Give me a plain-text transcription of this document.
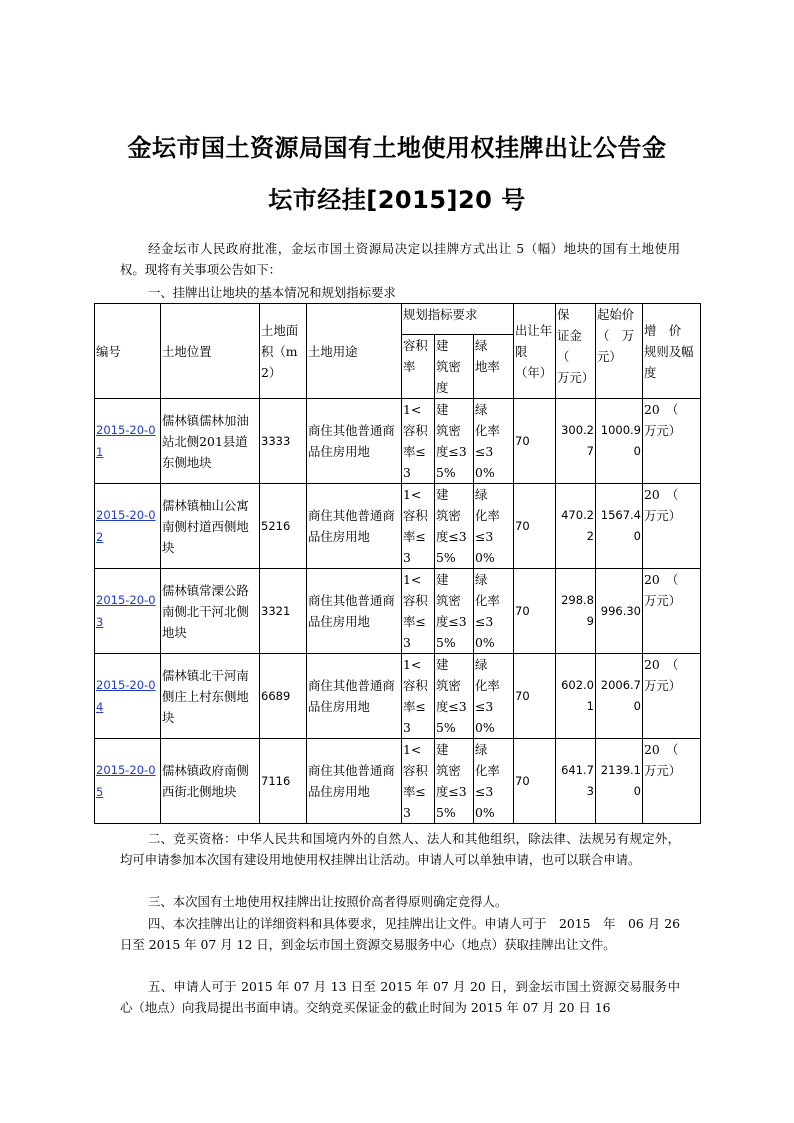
金坛市国土资源局国有土地使用权挂牌出让公告金
坛市经挂[2015]20 号

经金坛市人民政府批准，金坛市国土资源局决定以挂牌方式出让 5（幅）地块的国有土地使用权。现将有关事项公告如下：

一、挂牌出让地块的基本情况和规划指标要求

编号	土地位置	土地面积（m2）	土地用途	规划指标要求			出让年限（年）	保　证金　（　万元）	起始价（　万元）	增　价　规则及幅度
				容积率	建　筑密度	绿　地率				
2015-20-01	儒林镇儒林加油站北侧201县道东侧地块	3333	商住其他普通商品住房用地	1< 容积率≤3	建　筑密　度≤35%	绿　化率　≤30%	70	300.27	1000.90	20　（　万元）
2015-20-02	儒林镇柚山公寓南侧村道西侧地块	5216	商住其他普通商品住房用地	1< 容积率≤3	建　筑密　度≤35%	绿　化率　≤30%	70	470.22	1567.40	20　（　万元）
2015-20-03	儒林镇常溧公路南侧北干河北侧地块	3321	商住其他普通商品住房用地	1< 容积率≤3	建　筑密　度≤35%	绿　化率　≤30%	70	298.89	996.30	20　（　万元）
2015-20-04	儒林镇北干河南侧庄上村东侧地块	6689	商住其他普通商品住房用地	1< 容积率≤3	建　筑密　度≤35%	绿　化率　≤30%	70	602.01	2006.70	20　（　万元）
2015-20-05	儒林镇政府南侧西街北侧地块	7116	商住其他普通商品住房用地	1< 容积率≤3	建　筑密　度≤35%	绿　化率　≤30%	70	641.73	2139.10	20　（　万元）

二、竞买资格：中华人民共和国境内外的自然人、法人和其他组织，除法律、法规另有规定外，均可申请参加本次国有建设用地使用权挂牌出让活动。申请人可以单独申请，也可以联合申请。

三、本次国有土地使用权挂牌出让按照价高者得原则确定竞得人。

四、本次挂牌出让的详细资料和具体要求，见挂牌出让文件。申请人可于　2015　年　06 月 26 日至 2015 年 07 月 12 日，到金坛市国土资源交易服务中心（地点）获取挂牌出让文件。

五、申请人可于 2015 年 07 月 13 日至 2015 年 07 月 20 日，到金坛市国土资源交易服务中心（地点）向我局提出书面申请。交纳竞买保证金的截止时间为 2015 年 07 月 20 日 16
